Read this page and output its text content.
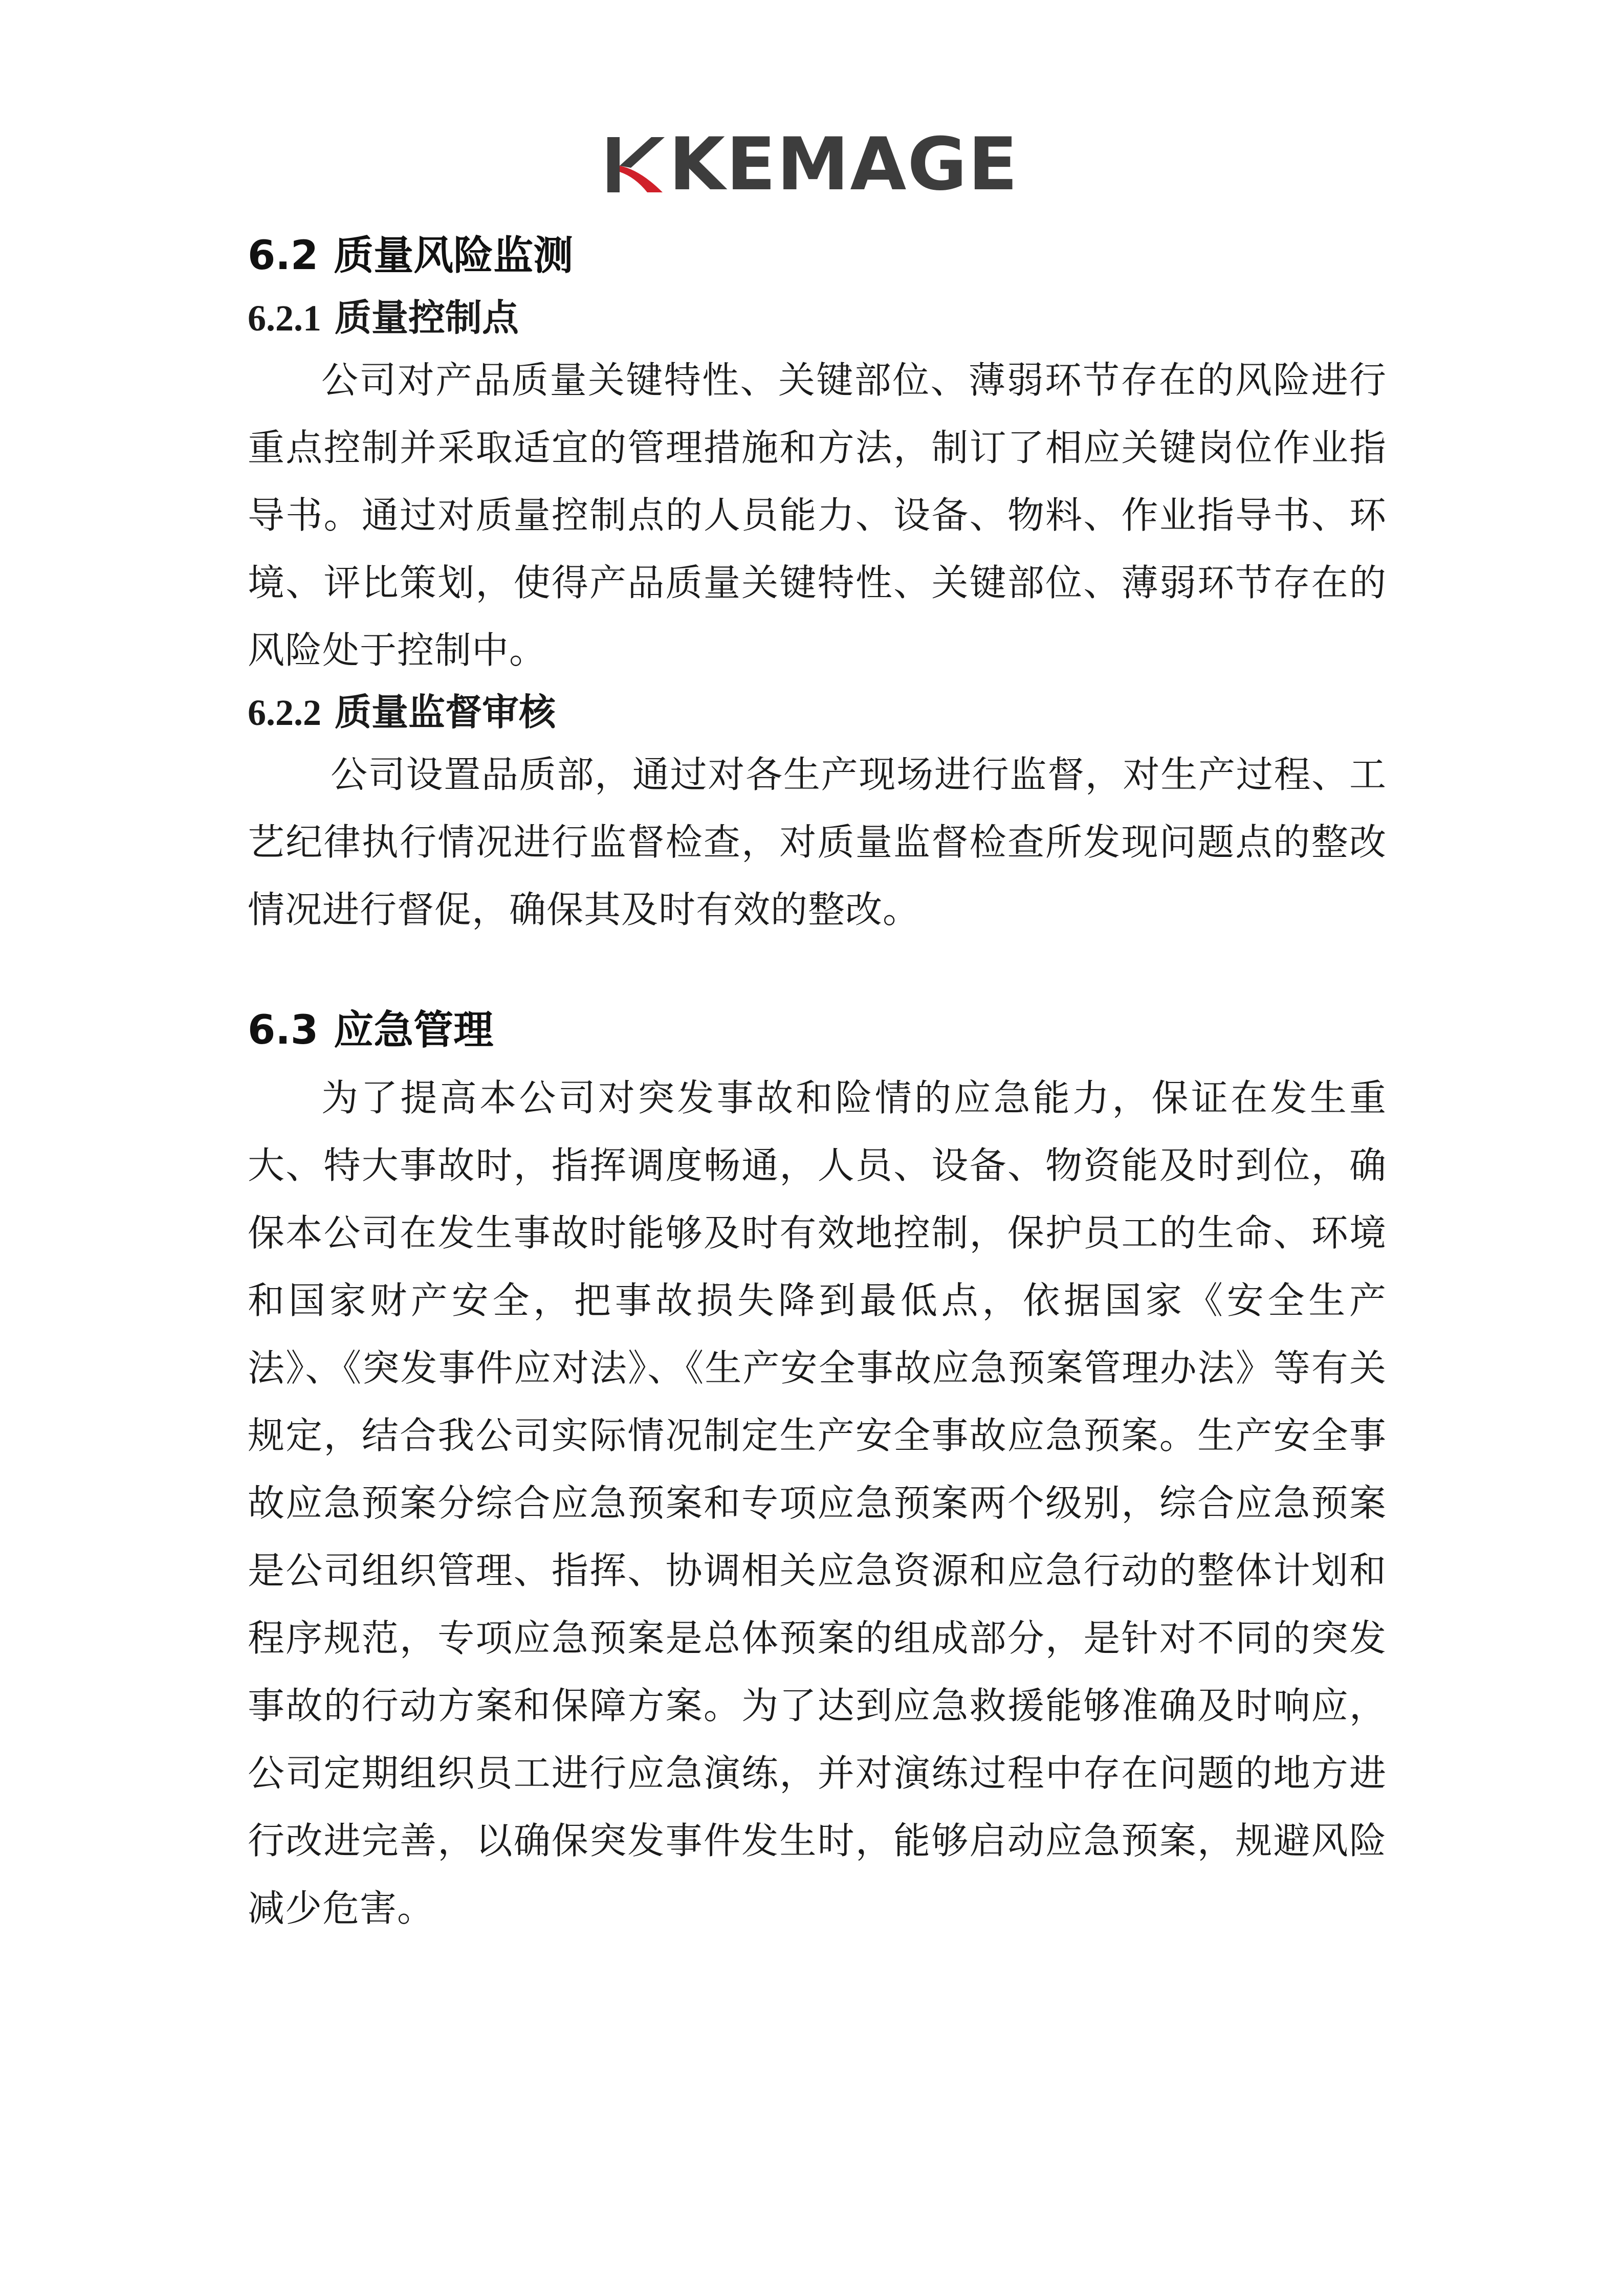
KEMAGE
6.2 质量风险监测
6.2.1 质量控制点

公司对产品质量关键特性、关键部位、薄弱环节存在的风险进行重点控制并采取适宜的管理措施和方法，制订了相应关键岗位作业指导书。通过对质量控制点的人员能力、设备、物料、作业指导书、环境、评比策划，使得产品质量关键特性、关键部位、薄弱环节存在的风险处于控制中。

6.2.2 质量监督审核

公司设置品质部，通过对各生产现场进行监督，对生产过程、工艺纪律执行情况进行监督检查，对质量监督检查所发现问题点的整改情况进行督促，确保其及时有效的整改。

6.3 应急管理

为了提高本公司对突发事故和险情的应急能力，保证在发生重大、特大事故时，指挥调度畅通，人员、设备、物资能及时到位，确保本公司在发生事故时能够及时有效地控制，保护员工的生命、环境和国家财产安全，把事故损失降到最低点，依据国家《安全生产法》、《突发事件应对法》、《生产安全事故应急预案管理办法》等有关规定，结合我公司实际情况制定生产安全事故应急预案。生产安全事故应急预案分综合应急预案和专项应急预案两个级别，综合应急预案是公司组织管理、指挥、协调相关应急资源和应急行动的整体计划和程序规范，专项应急预案是总体预案的组成部分，是针对不同的突发事故的行动方案和保障方案。为了达到应急救援能够准确及时响应，公司定期组织员工进行应急演练，并对演练过程中存在问题的地方进行改进完善，以确保突发事件发生时，能够启动应急预案，规避风险减少危害。
